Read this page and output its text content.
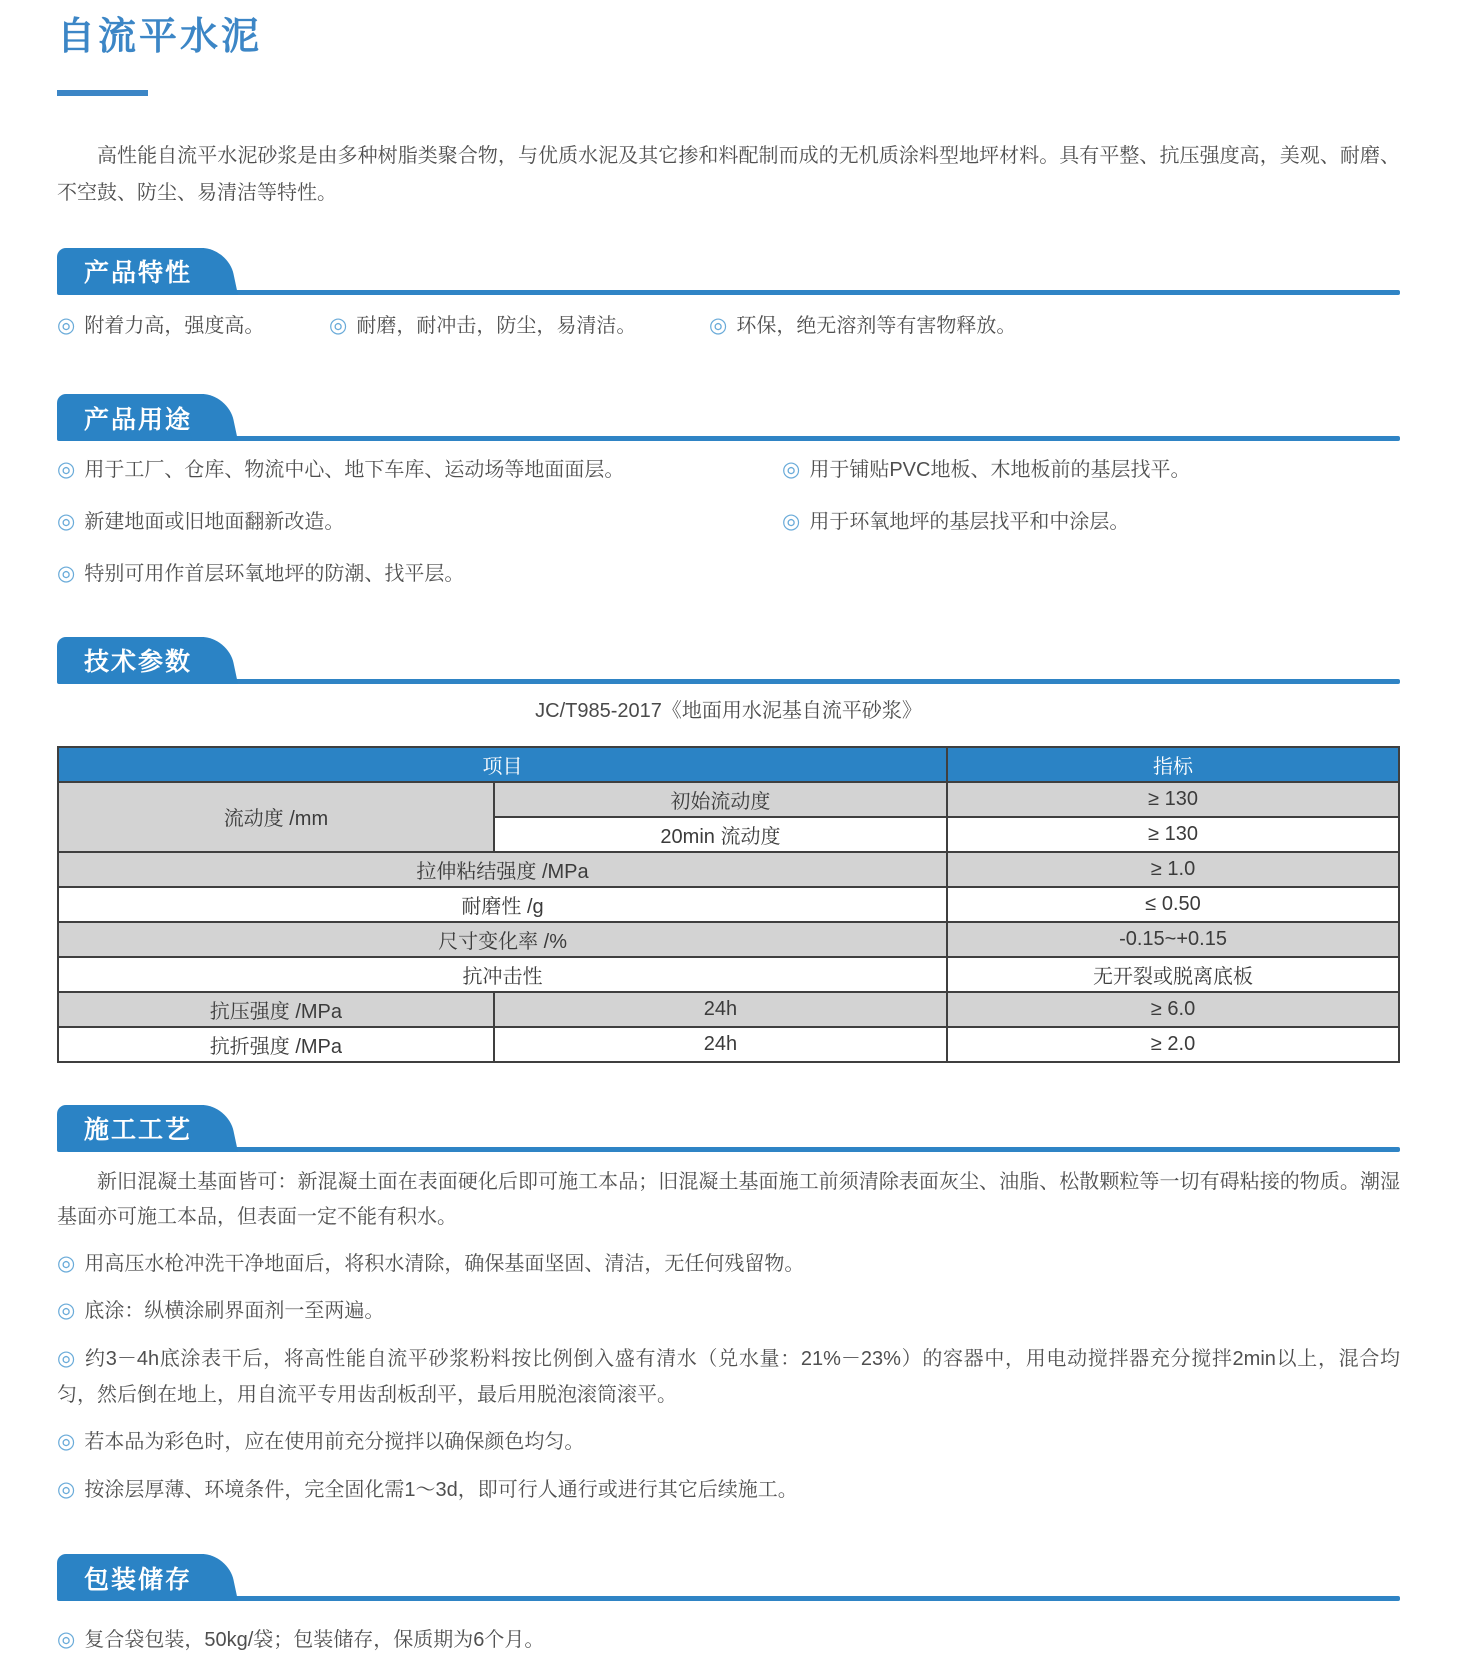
自流平水泥

高性能自流平水泥砂浆是由多种树脂类聚合物，与优质水泥及其它掺和料配制而成的无机质涂料型地坪材料。具有平整、抗压强度高，美观、耐磨、不空鼓、防尘、易清洁等特性。

产品特性

◎ 附着力高，强度高。	◎ 耐磨，耐冲击，防尘，易清洁。	◎ 环保，绝无溶剂等有害物释放。

产品用途

◎ 用于工厂、仓库、物流中心、地下车库、运动场等地面面层。	◎ 用于铺贴PVC地板、木地板前的基层找平。

◎ 新建地面或旧地面翻新改造。	◎ 用于环氧地坪的基层找平和中涂层。

◎ 特别可用作首层环氧地坪的防潮、找平层。

技术参数

JC/T985-2017《地面用水泥基自流平砂浆》

项目		指标
流动度 /mm	初始流动度	≥ 130
	20min 流动度	≥ 130
拉伸粘结强度 /MPa		≥ 1.0
耐磨性 /g		≤ 0.50
尺寸变化率 /%		-0.15~+0.15
抗冲击性		无开裂或脱离底板
抗压强度 /MPa	24h	≥ 6.0
抗折强度 /MPa	24h	≥ 2.0
施工工艺

新旧混凝土基面皆可：新混凝土面在表面硬化后即可施工本品；旧混凝土基面施工前须清除表面灰尘、油脂、松散颗粒等一切有碍粘接的物质。潮湿基面亦可施工本品，但表面一定不能有积水。

◎ 用高压水枪冲洗干净地面后，将积水清除，确保基面坚固、清洁，无任何残留物。

◎ 底涂：纵横涂刷界面剂一至两遍。

◎ 约3－4h底涂表干后，将高性能自流平砂浆粉料按比例倒入盛有清水（兑水量：21%－23%）的容器中，用电动搅拌器充分搅拌2min以上，混合均匀，然后倒在地上，用自流平专用齿刮板刮平，最后用脱泡滚筒滚平。

◎ 若本品为彩色时，应在使用前充分搅拌以确保颜色均匀。

◎ 按涂层厚薄、环境条件，完全固化需1～3d，即可行人通行或进行其它后续施工。

包装储存

◎ 复合袋包装，50kg/袋；包装储存，保质期为6个月。
